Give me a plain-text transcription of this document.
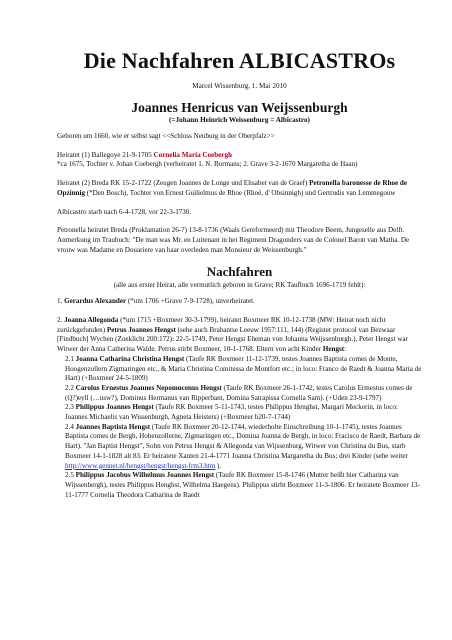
Die Nachfahren ALBICASTROs
Marcel Wissenburg, 1. Mai 2010
Joannes Henricus van Weijssenburgh
(=Johann Heinrich Weissenburg = Albicastro)

Geboren um 1660, wie er selbst sagt <<Schloss Neuburg in der Oberpfalz>>

Heiratet (1) Ballegoye 21-9-1705 Cornelia Maria Coebergh
*ca 1675, Tochter v. Johan Coebergh (verheiratet 1. N. Bormans; 2. Grave 3-2-1670 Margaretha de Haan)

Heiratet (2) Breda RK 15-2-1722 (Zeugen Joannes de Longe und Elisabet van de Graef) Petronella baronesse de Rhoe de Opzinnig (*Den Bosch), Tochter von Ernest Guilielmus de Rhoe (Rhoë, d' Obsinnigh) und Gertrudis van Lemmegouw

Albicastro starb nach 6-4-1728, vor 22-3-1730.

Petronella heiratet Breda (Proklamation 26-7) 13-8-1736 (Waals Gereformeerd) mit Theodore Beem, Jungeselle aus Delft. Anmerkung im Traubuch: "De man was Mr. en Luitenant in het Regiment Dragonders van de Colonel Baron van Matha. De vrouw was Madame en Douariere van haar overleden man Monsieur de Weissenburgh."

Nachfahren
(alle aus erster Heirat, alle vermutlich geboren in Grave; RK Taufbuch 1696-1719 fehlt):

1. Gerardus Alexander (*um 1706 +Grave 7-9-1728), unverheiratet.

2. Joanna Allegonda (*um 1715 +Boxmeer 30-3-1799), heiratet Boxmeer RK 10-12-1738 (MW: Heirat noch nicht zurückgefunden) Petrus Joannes Hengst (sehe auch Brabantse Leeuw 1957:111, 144) (Register protocol van Bezwaar [Findbuch] Wychen (Zoeklicht 200:172): 22-5-1749, Peter Hengst Eheman von Johanna Weijssenburgh.), Peter Hengst war Witwer der Anna Catherina Walde. Petrus stirbt Boxmeer, 10-1-1768. Eltern von acht Kinder Hengst:

2.1 Joanna Catharina Christina Hengst (Taufe RK Boxmeer 11-12-1739, testes Joannes Baptista comes de Monte, Hoogenzollern Zigmaringen etc., & Maria Christina Comitessa de Montfort etc.; in loco: Franco de Raedt & Joanna Maria de Hart) (+Boxmeer 24-5-1809)

2.2 Carolus Ernestus Joannes Nepomucenus Hengst (Taufe RK Boxmeer 26-1-1742, testes Carolus Ermestus comes de (Q?)eyll (…usw?), Dominus Hermanus van Ripperbant, Domina Satrapissa Cornelia Sam). (+Uden 23-9-1797)

2.3 Philippus Joannes Hengst (Taufe RK Boxmeer 5-11-1743, testes Philippus Henghst, Margari Meckerin, in loco: Joannes Michaelis van Wissenburgh, Agneta Heisters) (+Boxmeer b20-7-1744)

2.4 Joannes Baptista Hengst (Taufe RK Boxmeer 20-12-1744, wiederholte Einschreibung 10-1-1745), testes Joannes Baptista comes de Bergh, Hohenzollerne, Zigmaringen etc., Domina Joanna de Bergh, in loco: Fracisco de Raedt, Barbara de Hart). "Jan Baptist Hengst", Sohn von Petrus Hengst & Allegonda van Wijssenburg, Witwer von Christina du Bus, starb Boxmeer 14-1-1828 alt 83. Er heiratete Xanten 21-4-1771 Joanna Christina Margaretha du Bus; drei Kinder (sehe weiter http://www.gennet.nl/hengst/hengst/hengst-frm3.htm ).

2.5 Philippus Jacobus Wilhelmus Joannes Hengst (Taufe RK Boxmeer 15-8-1746 (Mutter heißt hier Catharina van Wijssenbergh), testes Philippus Henghst, Wilhelma Haegens). Philippus stirbt Boxmeer 11-3-1806. Er heiratete Boxmeer 13-11-1777 Cornelia Theodora Catharina de Raedt
